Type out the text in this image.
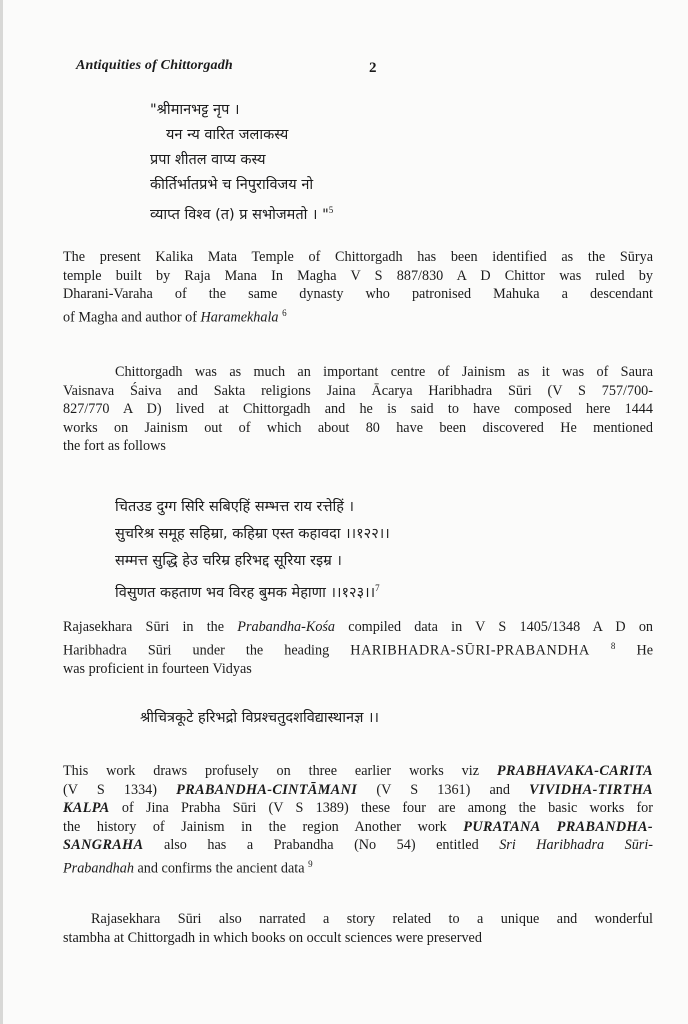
Antiquities of Chittorgadh	2
"श्रीमानभट्ट नृप ।
यन न्य वारित जलाकस्य
प्रपा शीतल वाप्य कस्य
कीर्तिर्भातप्रभे च निपुराविजय नो
व्याप्त विश्व (त) प्र सभोजमतो । "$^5$
The present Kalika Mata Temple of Chittorgadh has been identified as the Sūrya
temple built by Raja Mana In Magha V S 887/830 A D Chittor was ruled by
Dharani-Varaha of the same dynasty who patronised Mahuka a descendant
of Magha and author of Haramekhala $^6$
Chittorgadh was as much an important centre of Jainism as it was of Saura
Vaisnava Śaiva and Sakta religions Jaina Ācarya Haribhadra Sūri (V S 757/700-
827/770 A D) lived at Chittorgadh and he is said to have composed here 1444
works on Jainism out of which about 80 have been discovered He mentioned
the fort as follows
चितउड दुग्ग सिरि सबिएहिं सम्भत्त राय रत्तेहिं ।
सुचरिश्र समूह सहिम्रा, कहिम्रा एस्त कहावदा ।।१२२।।
सम्मत्त सुद्धि हेउ चरिम्र हरिभद्द सूरिया रइम्र ।
विसुणत कहताण भव विरह बुमक मेहाणा ।।१२३।।$^7$
Rajasekhara Sūri in the Prabandha-Kośa compiled data in V S 1405/1348 A D on
Haribhadra Sūri under the heading HARIBHADRA-SŪRI-PRABANDHA $^8$ He
was proficient in fourteen Vidyas
श्रीचित्रकूटे हरिभद्रो विप्रश्चतुदशविद्यास्थानज्ञ ।।
This work draws profusely on three earlier works viz PRABHAVAKA-CARITA
(V S 1334) PRABANDHA-CINTĀMANI (V S 1361) and VIVIDHA-TIRTHA
KALPA of Jina Prabha Sūri (V S 1389) these four are among the basic works for
the history of Jainism in the region Another work PURATANA PRABANDHA-
SANGRAHA also has a Prabandha (No 54) entitled Sri Haribhadra Sūri-
Prabandhah and confirms the ancient data $^9$
Rajasekhara Sūri also narrated a story related to a unique and wonderful
stambha at Chittorgadh in which books on occult sciences were preserved
